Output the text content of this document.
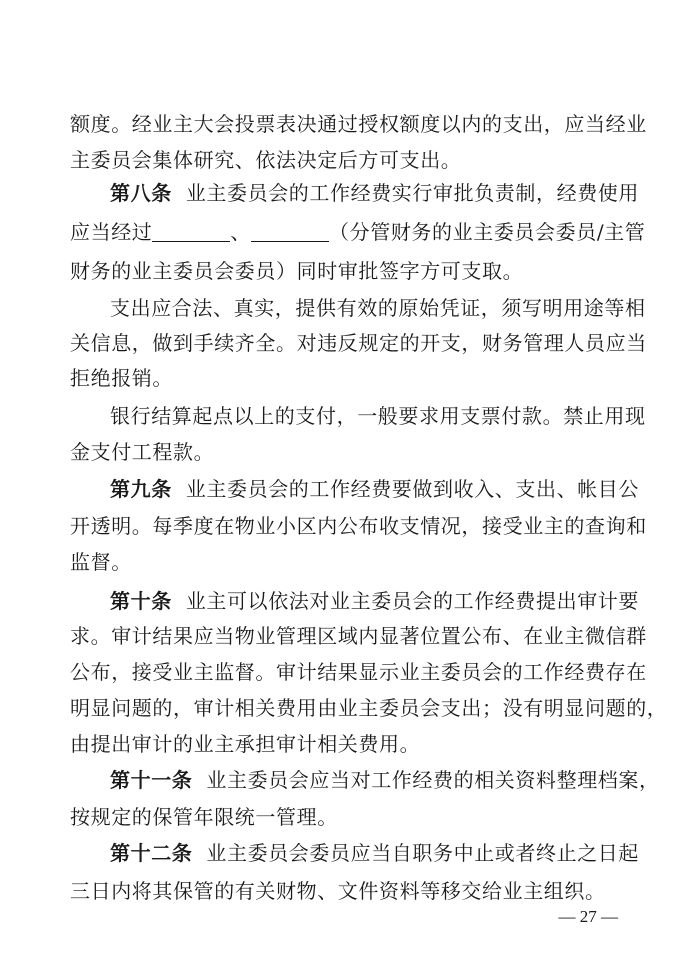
额度。经业主大会投票表决通过授权额度以内的支出，应当经业
主委员会集体研究、依法决定后方可支出。
第八条 业主委员会的工作经费实行审批负责制，经费使用
应当经过	、	（分管财务的业主委员会委员/主管
财务的业主委员会委员）同时审批签字方可支取。
支出应合法、真实，提供有效的原始凭证，须写明用途等相
关信息，做到手续齐全。对违反规定的开支，财务管理人员应当
拒绝报销。
银行结算起点以上的支付，一般要求用支票付款。禁止用现
金支付工程款。
第九条 业主委员会的工作经费要做到收入、支出、帐目公
开透明。每季度在物业小区内公布收支情况，接受业主的查询和
监督。
第十条 业主可以依法对业主委员会的工作经费提出审计要
求。审计结果应当物业管理区域内显著位置公布、在业主微信群
公布，接受业主监督。审计结果显示业主委员会的工作经费存在
明显问题的，审计相关费用由业主委员会支出；没有明显问题的，
由提出审计的业主承担审计相关费用。
第十一条 业主委员会应当对工作经费的相关资料整理档案，
按规定的保管年限统一管理。
第十二条 业主委员会委员应当自职务中止或者终止之日起
— 27 —
三日内将其保管的有关财物、文件资料等移交给业主组织。
